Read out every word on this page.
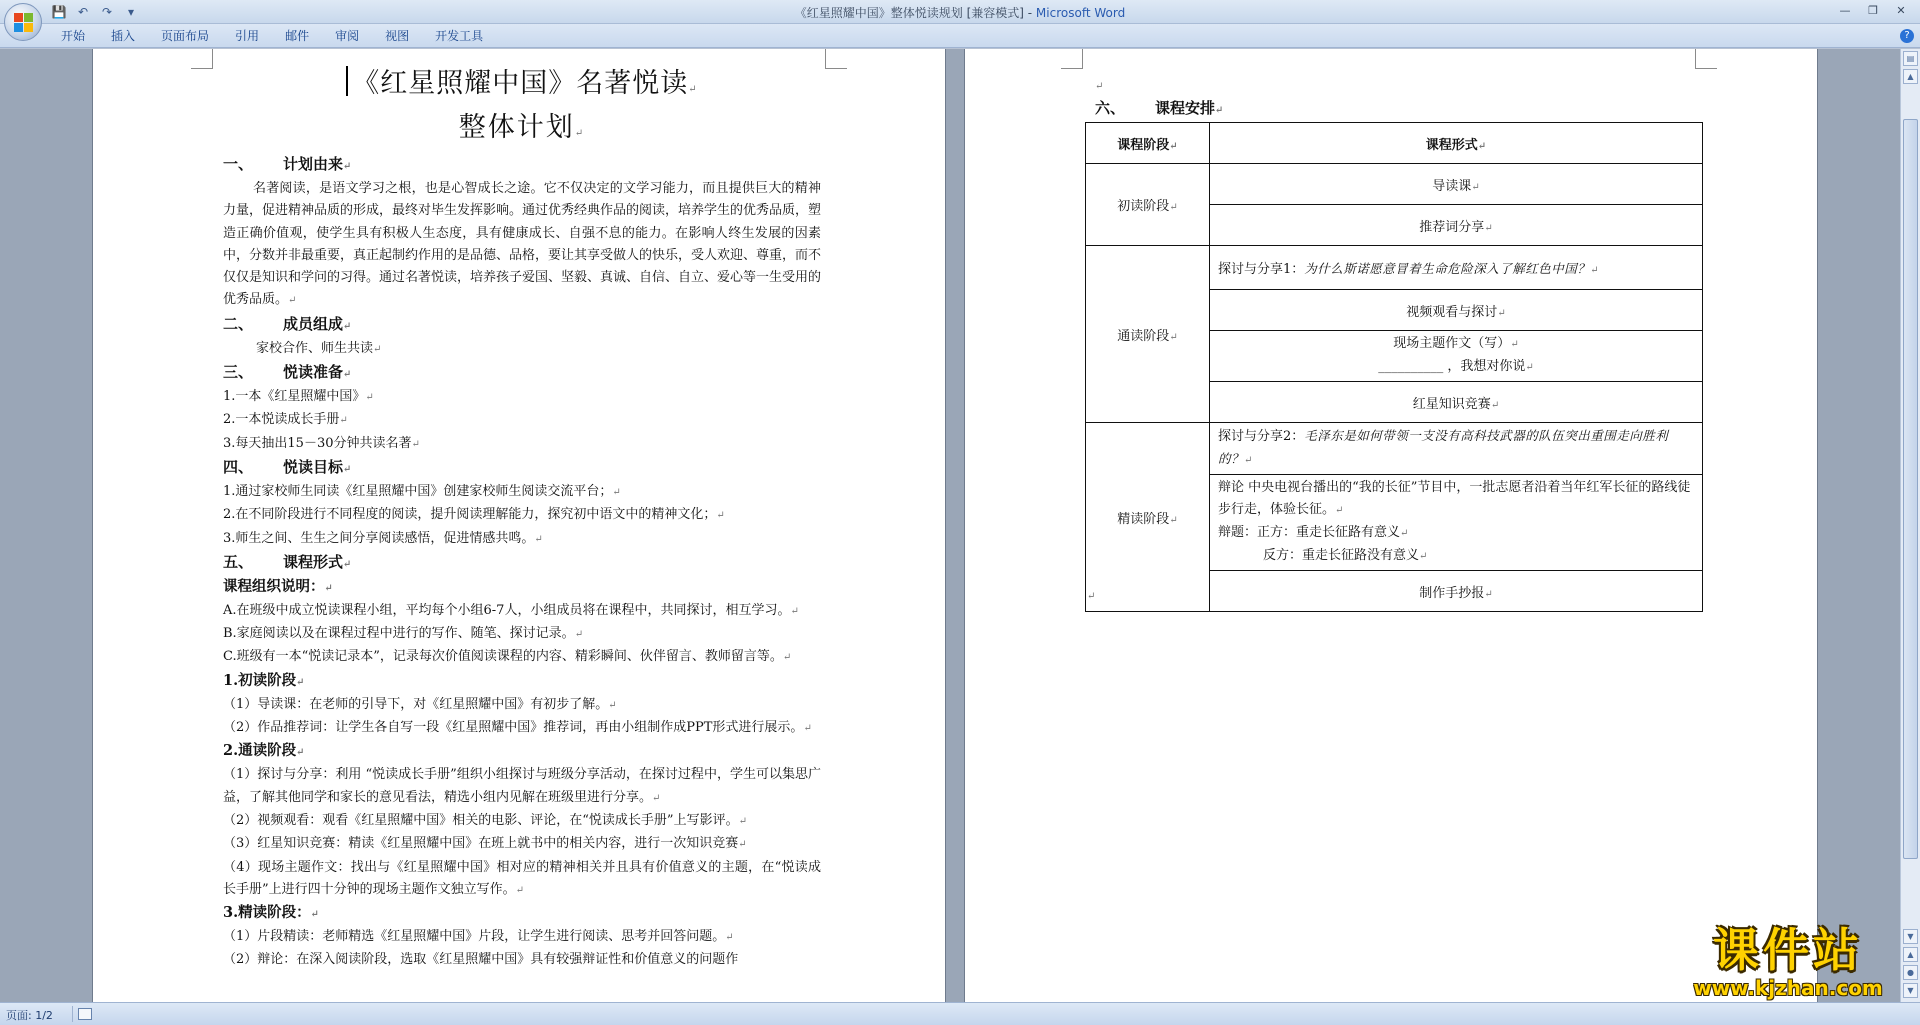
💾 ↶	↷	▾	《红星照耀中国》整体悦读规划 [兼容模式] - Microsoft Word	—	❐	✕
开始	插入	页面布局	引用	邮件	审阅	视图	开发工具	?
《红星照耀中国》名著悦读↵
整体计划↵
一、 计划由来↵
名著阅读，是语文学习之根，也是心智成长之途。它不仅决定的文学习能力，而且提供巨大的精神力量，促进精神品质的形成，最终对毕生发挥影响。通过优秀经典作品的阅读，培养学生的优秀品质，塑造正确价值观，使学生具有积极人生态度，具有健康成长、自强不息的能力。在影响人终生发展的因素中，分数并非最重要，真正起制约作用的是品德、品格，要让其享受做人的快乐，受人欢迎、尊重，而不仅仅是知识和学问的习得。通过名著悦读，培养孩子爱国、坚毅、真诚、自信、自立、爱心等一生受用的优秀品质。↵
二、 成员组成↵
家校合作、师生共读↵
三、 悦读准备↵
1.一本《红星照耀中国》↵
2.一本悦读成长手册↵
3.每天抽出15－30分钟共读名著↵
四、 悦读目标↵
1.通过家校师生同读《红星照耀中国》创建家校师生阅读交流平台；↵
2.在不同阶段进行不同程度的阅读，提升阅读理解能力，探究初中语文中的精神文化；↵
3.师生之间、生生之间分享阅读感悟，促进情感共鸣。↵
五、 课程形式↵
课程组织说明：↵
A.在班级中成立悦读课程小组，平均每个小组6-7人，小组成员将在课程中，共同探讨，相互学习。↵
B.家庭阅读以及在课程过程中进行的写作、随笔、探讨记录。↵
C.班级有一本“悦读记录本”，记录每次价值阅读课程的内容、精彩瞬间、伙伴留言、教师留言等。↵
1.初读阶段↵
（1）导读课：在老师的引导下，对《红星照耀中国》有初步了解。↵
（2）作品推荐词：让学生各自写一段《红星照耀中国》推荐词，再由小组制作成PPT形式进行展示。↵
2.通读阶段↵
（1）探讨与分享：利用 “悦读成长手册”组织小组探讨与班级分享活动，在探讨过程中，学生可以集思广益，了解其他同学和家长的意见看法，精选小组内见解在班级里进行分享。↵
（2）视频观看：观看《红星照耀中国》相关的电影、评论，在“悦读成长手册”上写影评。↵
（3）红星知识竞赛：精读《红星照耀中国》在班上就书中的相关内容，进行一次知识竞赛↵
（4）现场主题作文：找出与《红星照耀中国》相对应的精神相关并且具有价值意义的主题，在“悦读成长手册”上进行四十分钟的现场主题作文独立写作。↵
3.精读阶段：↵
（1）片段精读：老师精选《红星照耀中国》片段，让学生进行阅读、思考并回答问题。↵
（2）辩论：在深入阅读阶段，选取《红星照耀中国》具有较强辩证性和价值意义的问题作
↵
六、 课程安排↵
课程阶段↵	课程形式↵
初读阶段↵	导读课↵
	推荐词分享↵
通读阶段↵	探讨与分享1：为什么斯诺愿意冒着生命危险深入了解红色中国？↵
	视频观看与探讨↵
	现场主题作文（写）↵
__________ ，我想对你说↵
	红星知识竞赛↵
精读阶段↵	探讨与分享2：毛泽东是如何带领一支没有高科技武器的队伍突出重围走向胜利的？↵
	辩论 中央电视台播出的“我的长征”节目中，一批志愿者沿着当年红军长征的路线徒步行走，体验长征。↵
辩题：正方：重走长征路有意义↵
反方：重走长征路没有意义↵
	制作手抄报↵
↵
▤
▲
▼
▲
●
▼
页面: 1/2
课件站
www.kjzhan.com
